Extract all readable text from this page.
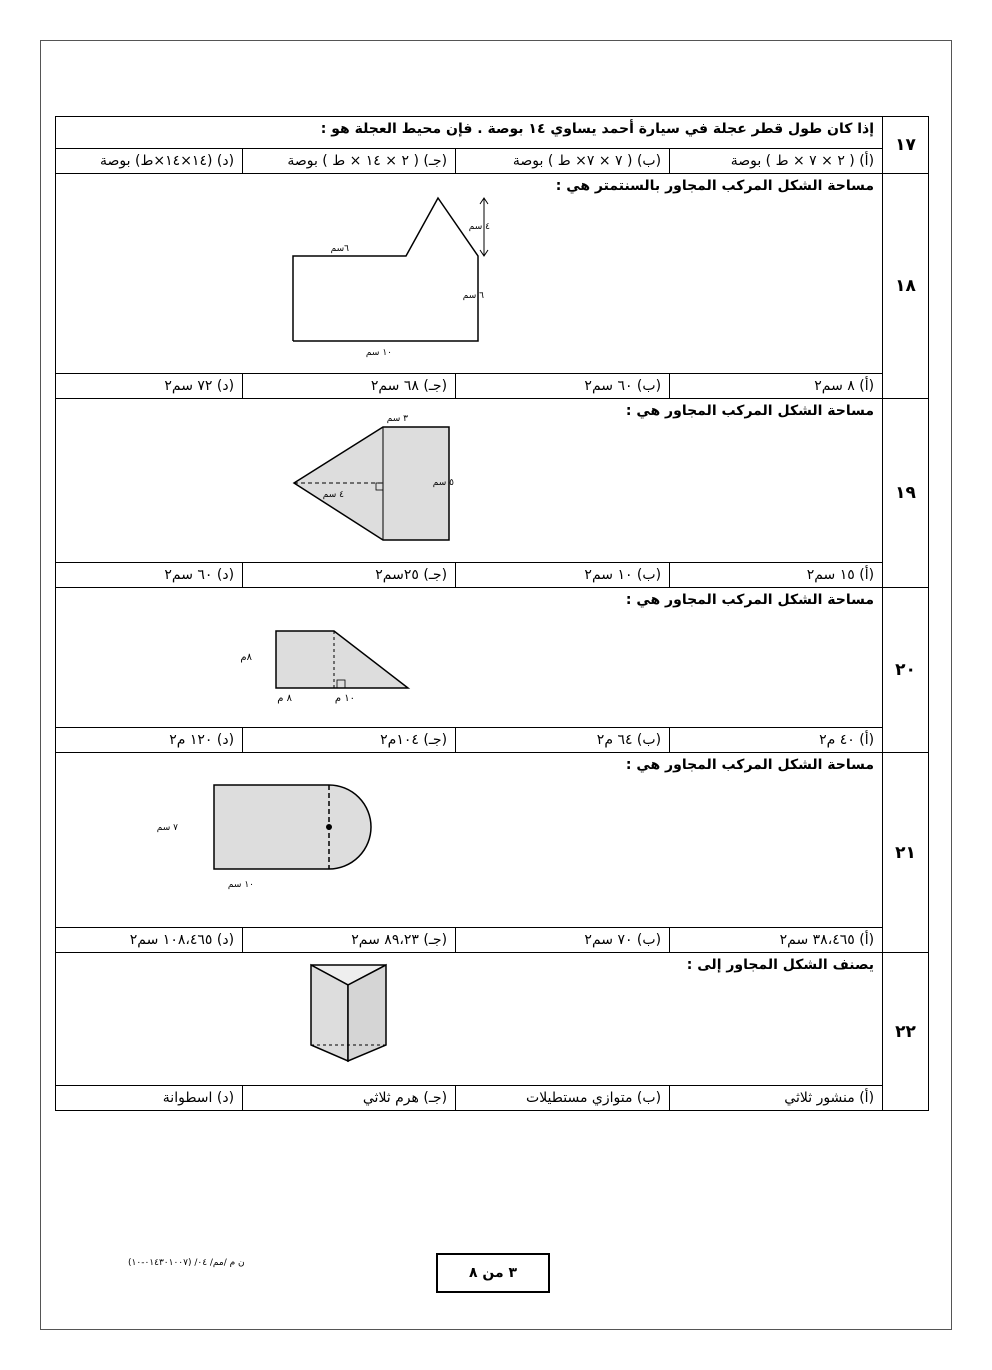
١٧	إذا كان طول قطر عجلة في سيارة أحمد يساوي ١٤ بوصة . فإن محيط العجلة هو :			
	(أ) ( ٢ × ٧ × ط ) بوصة	(ب) ( ٧ × ٧× ط ) بوصة	(جـ) ( ٢ × ١٤ × ط ) بوصة	(د) (١٤×١٤×ط) بوصة
١٨	مساحة الشكل المركب المجاور بالسنتمتر هي :
٦سم
٤ سم
٦ سم
١٠ سم			

	(أ) ٨ سم٢	(ب) ٦٠ سم٢	(جـ) ٦٨ سم٢	(د) ٧٢ سم٢
١٩	مساحة الشكل المركب المجاور هي :
٣ سم
٥ سم
٤ سم			

	(أ) ١٥ سم٢	(ب) ١٠ سم٢	(جـ) ٢٥سم٢	(د) ٦٠ سم٢
٢٠	مساحة الشكل المركب المجاور هي :
٨م
٨ م ١٠ م			

	(أ) ٤٠ م٢	(ب) ٦٤ م٢	(جـ) ١٠٤م٢	(د) ١٢٠ م٢

٢١	مساحة الشكل المركب المجاور هي :
٧ سم
١٠ سم			

	(أ) ٣٨،٤٦٥ سم٢	(ب) ٧٠ سم٢	(جـ) ٨٩،٢٣ سم٢	(د) ١٠٨،٤٦٥ سم٢
٢٢	يصنف الشكل المجاور إلى :			

	(أ) منشور ثلاثي	(ب) متوازي مستطيلات	(جـ) هرم ثلاثي	(د) اسطوانة
ن م /مم/ ٠٤/ (٠١٤٣٠١٠٠٧-١٠)
٣ من ٨
